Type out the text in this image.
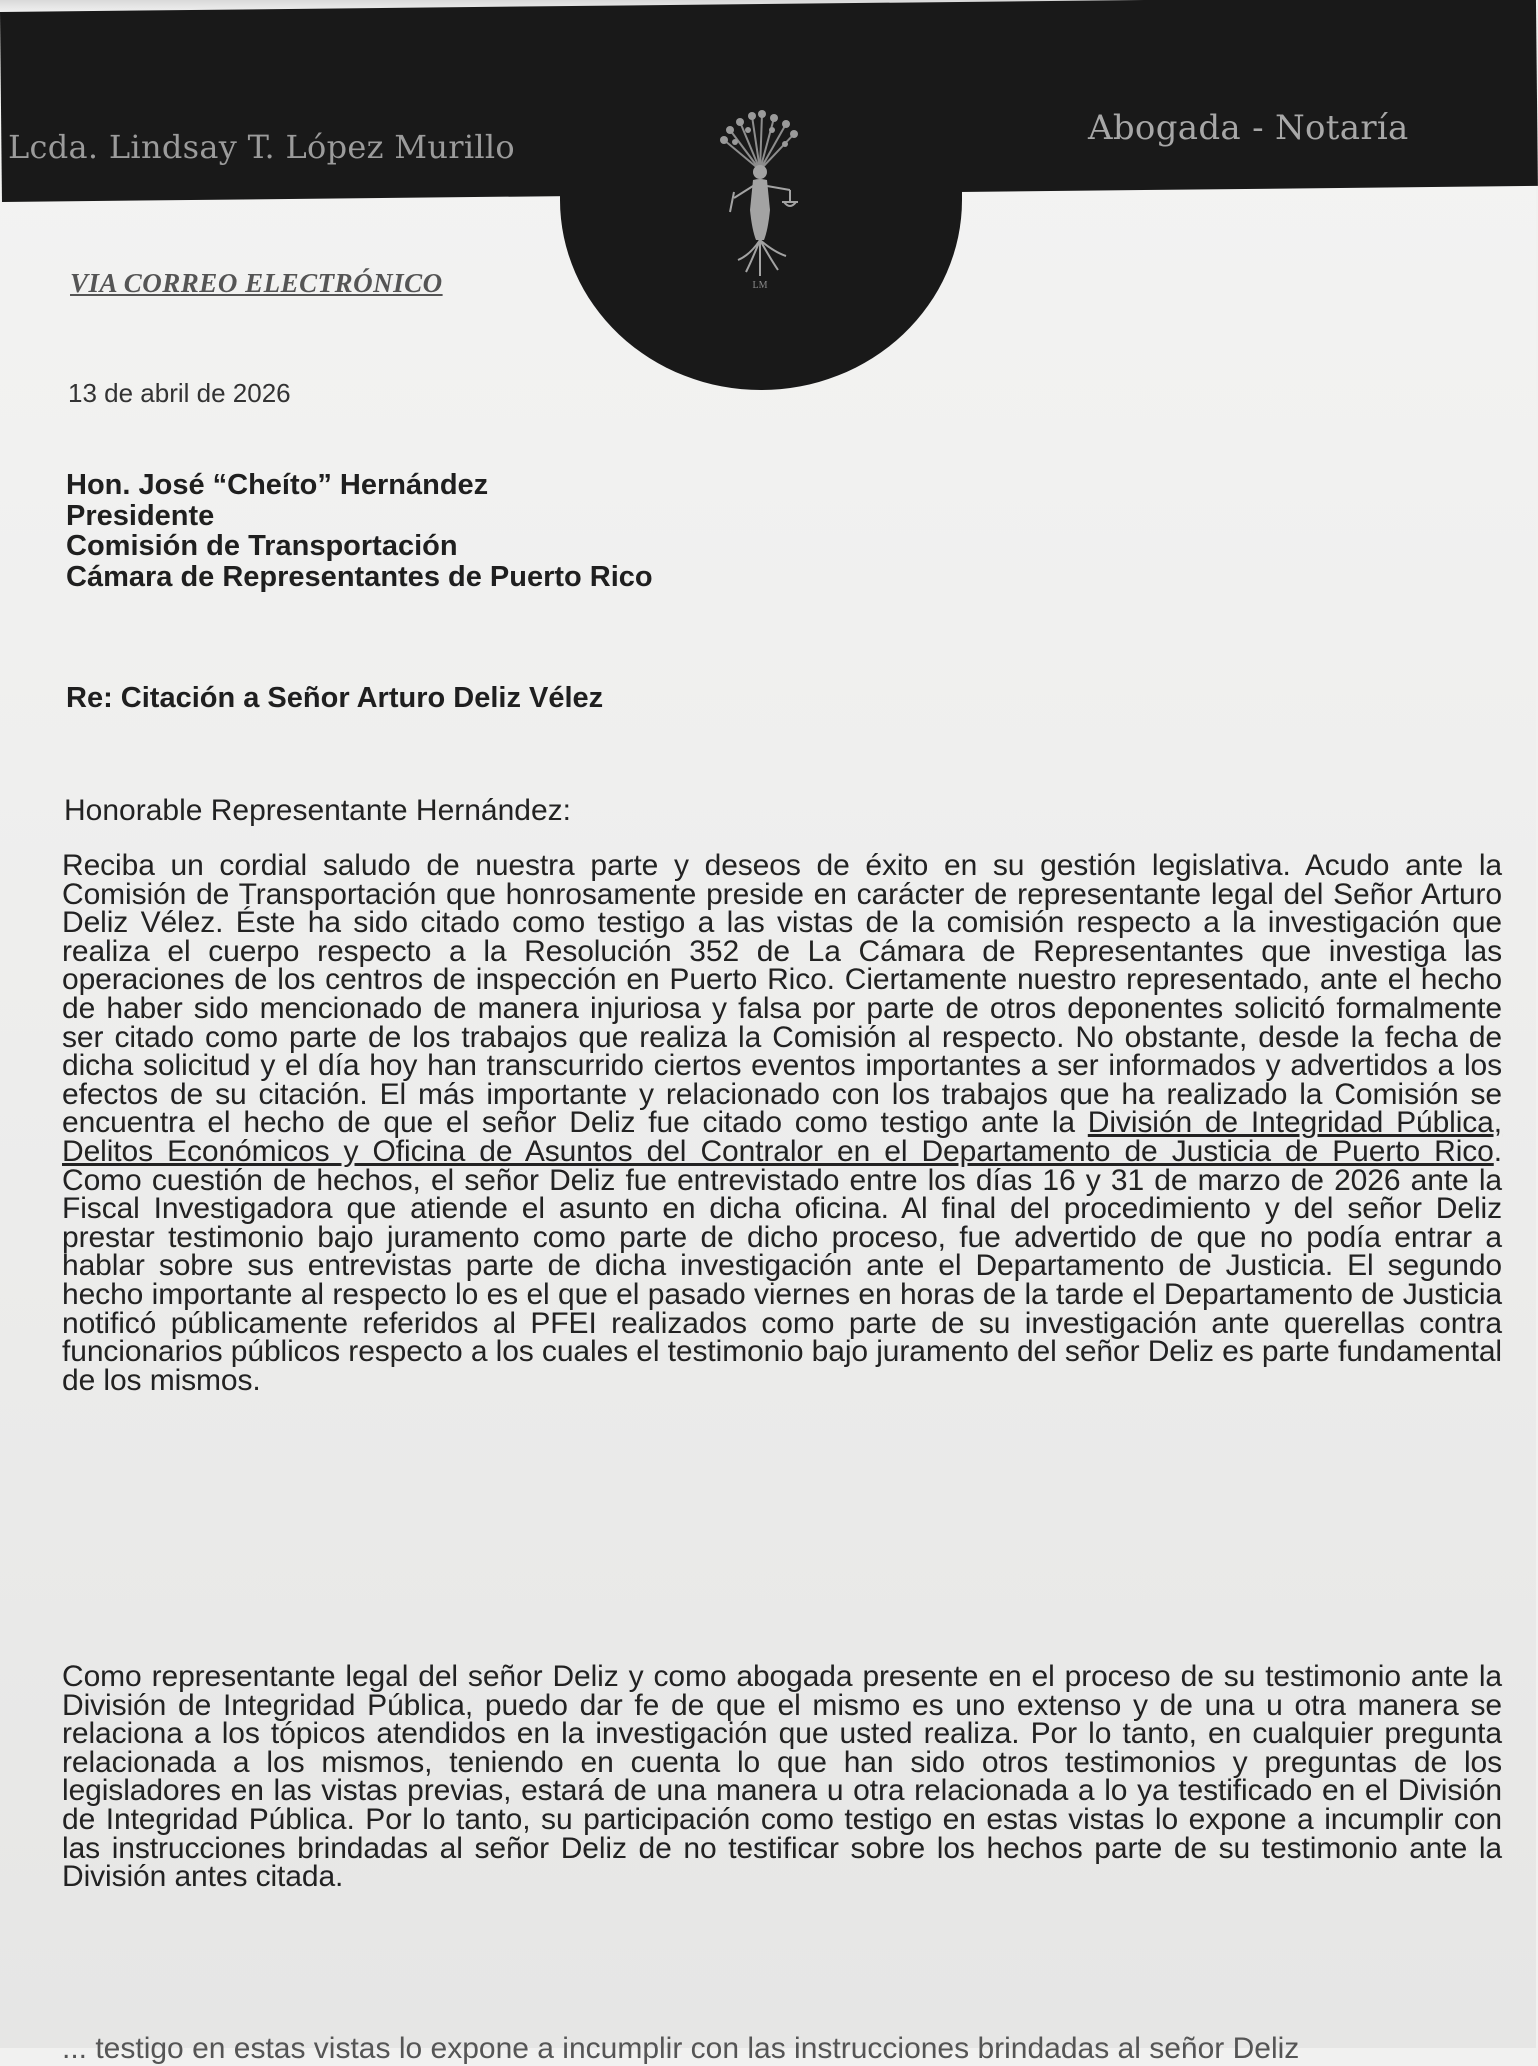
Lcda. Lindsay T. López Murillo	Abogada - Notaría
LM
VIA CORREO ELECTRÓNICO
13 de abril de 2026
Hon. José “Cheíto” Hernández
Presidente
Comisión de Transportación
Cámara de Representantes de Puerto Rico
Re: Citación a Señor Arturo Deliz Vélez
Honorable Representante Hernández:
Reciba un cordial saludo de nuestra parte y deseos de éxito en su gestión legislativa. Acudo ante la Comisión de Transportación que honrosamente preside en carácter de representante legal del Señor Arturo Deliz Vélez. Éste ha sido citado como testigo a las vistas de la comisión respecto a la investigación que realiza el cuerpo respecto a la Resolución 352 de La Cámara de Representantes que investiga las operaciones de los centros de inspección en Puerto Rico. Ciertamente nuestro representado, ante el hecho de haber sido mencionado de manera injuriosa y falsa por parte de otros deponentes solicitó formalmente ser citado como parte de los trabajos que realiza la Comisión al respecto. No obstante, desde la fecha de dicha solicitud y el día hoy han transcurrido ciertos eventos importantes a ser informados y advertidos a los efectos de su citación. El más importante y relacionado con los trabajos que ha realizado la Comisión se encuentra el hecho de que el señor Deliz fue citado como testigo ante la División de Integridad Pública, Delitos Económicos y Oficina de Asuntos del Contralor en el Departamento de Justicia de Puerto Rico. Como cuestión de hechos, el señor Deliz fue entrevistado entre los días 16 y 31 de marzo de 2026 ante la Fiscal Investigadora que atiende el asunto en dicha oficina. Al final del procedimiento y del señor Deliz prestar testimonio bajo juramento como parte de dicho proceso, fue advertido de que no podía entrar a hablar sobre sus entrevistas parte de dicha investigación ante el Departamento de Justicia. El segundo hecho importante al respecto lo es el que el pasado viernes en horas de la tarde el Departamento de Justicia notificó públicamente referidos al PFEI realizados como parte de su investigación ante querellas contra funcionarios públicos respecto a los cuales el testimonio bajo juramento del señor Deliz es parte fundamental de los mismos.
Como representante legal del señor Deliz y como abogada presente en el proceso de su testimonio ante la División de Integridad Pública, puedo dar fe de que el mismo es uno extenso y de una u otra manera se relaciona a los tópicos atendidos en la investigación que usted realiza. Por lo tanto, en cualquier pregunta relacionada a los mismos, teniendo en cuenta lo que han sido otros testimonios y preguntas de los legisladores en las vistas previas, estará de una manera u otra relacionada a lo ya testificado en el División de Integridad Pública. Por lo tanto, su participación como testigo en estas vistas lo expone a incumplir con las instrucciones brindadas al señor Deliz de no testificar sobre los hechos parte de su testimonio ante la División antes citada.
... testigo en estas vistas lo expone a incumplir con las instrucciones brindadas al señor Deliz
